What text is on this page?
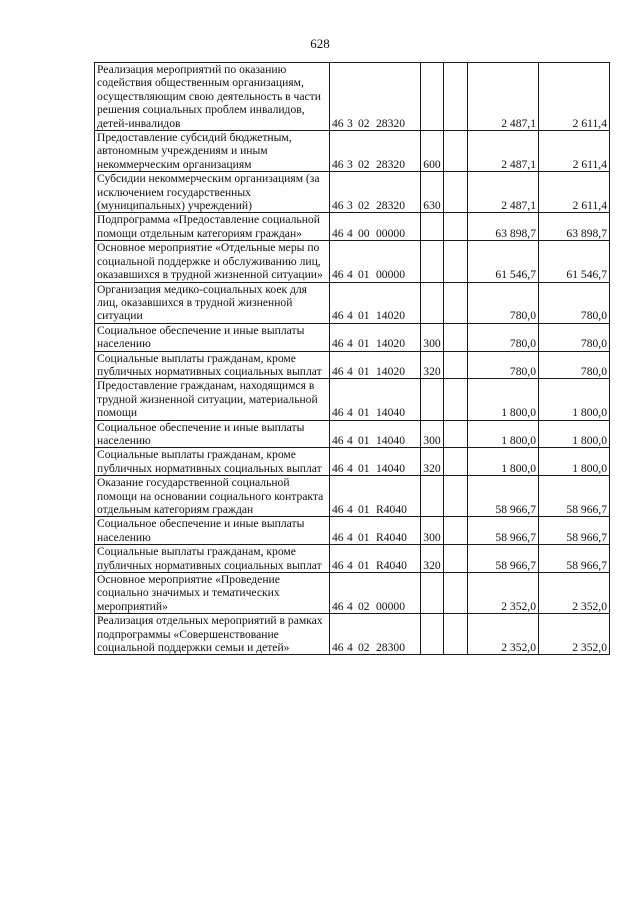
628
Реализация мероприятий по оказанию содействия общественным организациям, осуществляющим свою деятельность в части решения социальных проблем инвалидов, детей-инвалидов	46 3 02 28320			2 487,1	2 611,4
Предоставление субсидий бюджетным, автономным учреждениям и иным некоммерческим организациям	46 3 02 28320	600		2 487,1	2 611,4
Субсидии некоммерческим организациям (за исключением государственных (муниципальных) учреждений)	46 3 02 28320	630		2 487,1	2 611,4
Подпрограмма «Предоставление социальной помощи отдельным категориям граждан»	46 4 00 00000			63 898,7	63 898,7
Основное мероприятие «Отдельные меры по социальной поддержке и обслуживанию лиц, оказавшихся в трудной жизненной ситуации»	46 4 01 00000			61 546,7	61 546,7
Организация медико-социальных коек для лиц, оказавшихся в трудной жизненной ситуации	46 4 01 14020			780,0	780,0
Социальное обеспечение и иные выплаты населению	46 4 01 14020	300		780,0	780,0
Социальные выплаты гражданам, кроме публичных нормативных социальных выплат	46 4 01 14020	320		780,0	780,0
Предоставление гражданам, находящимся в трудной жизненной ситуации, материальной помощи	46 4 01 14040			1 800,0	1 800,0
Социальное обеспечение и иные выплаты населению	46 4 01 14040	300		1 800,0	1 800,0
Социальные выплаты гражданам, кроме публичных нормативных социальных выплат	46 4 01 14040	320		1 800,0	1 800,0
Оказание государственной социальной помощи на основании социального контракта отдельным категориям граждан	46 4 01 R4040			58 966,7	58 966,7
Социальное обеспечение и иные выплаты населению	46 4 01 R4040	300		58 966,7	58 966,7
Социальные выплаты гражданам, кроме публичных нормативных социальных выплат	46 4 01 R4040	320		58 966,7	58 966,7
Основное мероприятие «Проведение социально значимых и тематических мероприятий»	46 4 02 00000			2 352,0	2 352,0
Реализация отдельных мероприятий в рамках подпрограммы «Совершенствование социальной поддержки семьи и детей»	46 4 02 28300			2 352,0	2 352,0
